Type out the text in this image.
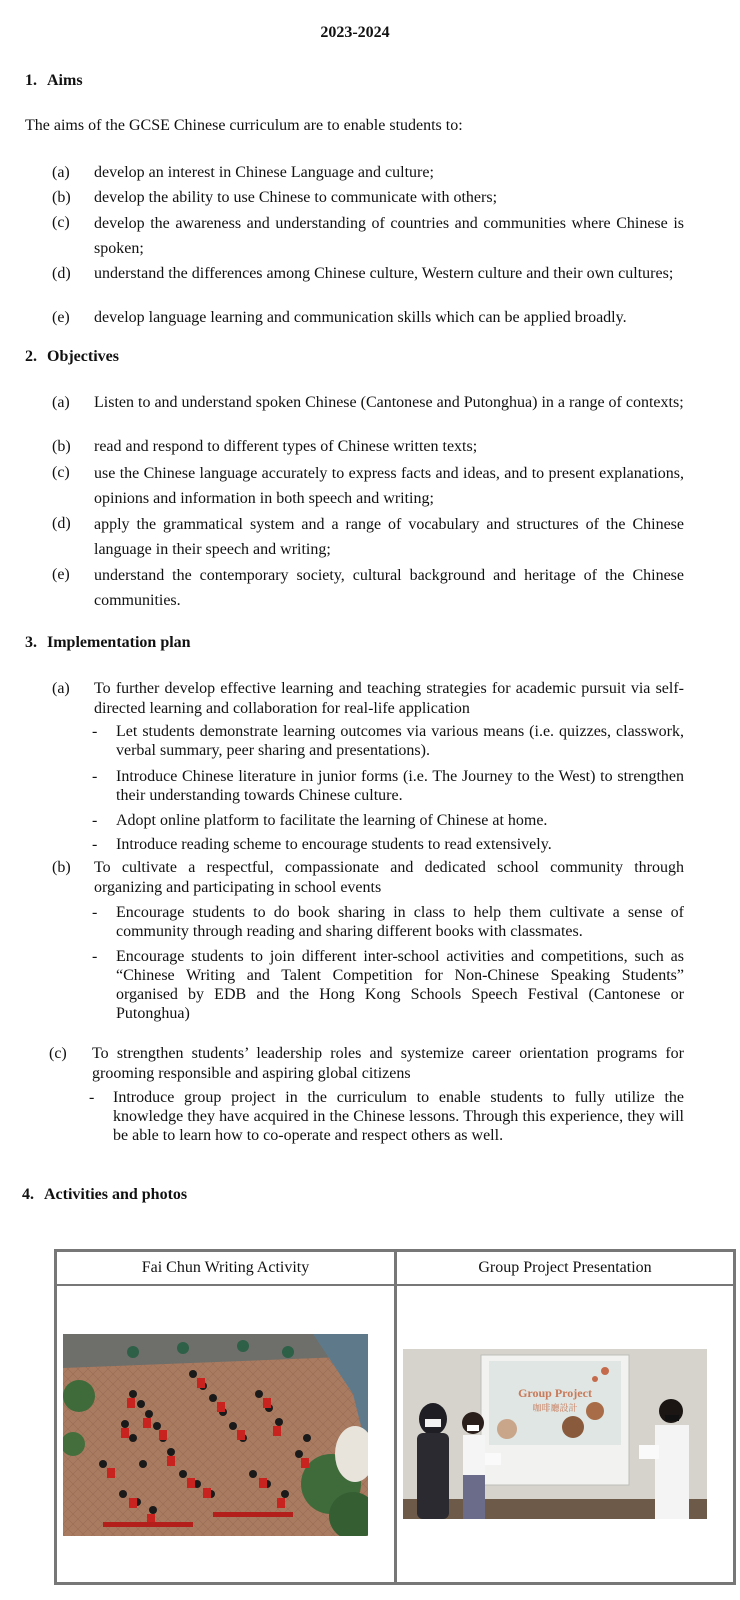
2023-2024
1. Aims
The aims of the GCSE Chinese curriculum are to enable students to:
(a) develop an interest in Chinese Language and culture;
(b) develop the ability to use Chinese to communicate with others;
(c) develop the awareness and understanding of countries and communities where Chinese is spoken;
(d) understand the differences among Chinese culture, Western culture and their own cultures;
(e) develop language learning and communication skills which can be applied broadly.
2. Objectives
(a) Listen to and understand spoken Chinese (Cantonese and Putonghua) in a range of contexts;
(b) read and respond to different types of Chinese written texts;
(c) use the Chinese language accurately to express facts and ideas, and to present explanations, opinions and information in both speech and writing;
(d) apply the grammatical system and a range of vocabulary and structures of the Chinese language in their speech and writing;
(e) understand the contemporary society, cultural background and heritage of the Chinese communities.
3. Implementation plan
(a) To further develop effective learning and teaching strategies for academic pursuit via self-directed learning and collaboration for real-life application
- Let students demonstrate learning outcomes via various means (i.e. quizzes, classwork, verbal summary, peer sharing and presentations).
- Introduce Chinese literature in junior forms (i.e. The Journey to the West) to strengthen their understanding towards Chinese culture.
- Adopt online platform to facilitate the learning of Chinese at home.
- Introduce reading scheme to encourage students to read extensively.
(b) To cultivate a respectful, compassionate and dedicated school community through organizing and participating in school events
- Encourage students to do book sharing in class to help them cultivate a sense of community through reading and sharing different books with classmates.
- Encourage students to join different inter-school activities and competitions, such as “Chinese Writing and Talent Competition for Non-Chinese Speaking Students” organised by EDB and the Hong Kong Schools Speech Festival (Cantonese or Putonghua)
(c) To strengthen students’ leadership roles and systemize career orientation programs for grooming responsible and aspiring global citizens
- Introduce group project in the curriculum to enable students to fully utilize the knowledge they have acquired in the Chinese lessons. Through this experience, they will be able to learn how to co-operate and respect others as well.
4. Activities and photos
Fai Chun Writing Activity	Group Project Presentation
Group Project
咖啡廳設計
